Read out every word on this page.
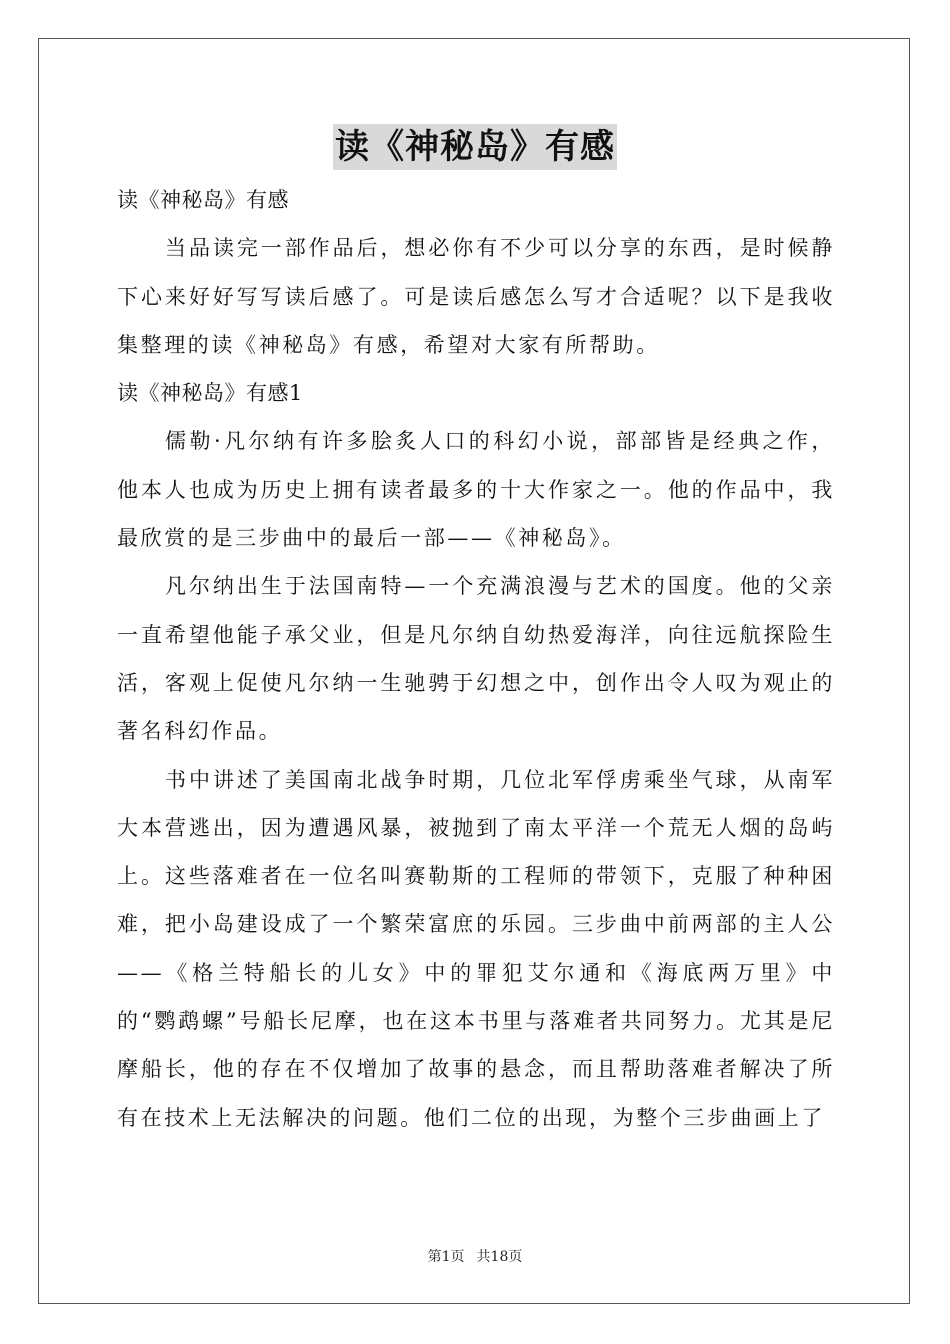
读《神秘岛》有感

读《神秘岛》有感

当品读完一部作品后，想必你有不少可以分享的东西，是时候静下心来好好写写读后感了。可是读后感怎么写才合适呢？以下是我收集整理的读《神秘岛》有感，希望对大家有所帮助。

读《神秘岛》有感1

儒勒·凡尔纳有许多脍炙人口的科幻小说，部部皆是经典之作，他本人也成为历史上拥有读者最多的十大作家之一。他的作品中，我最欣赏的是三步曲中的最后一部——《神秘岛》。

凡尔纳出生于法国南特—一个充满浪漫与艺术的国度。他的父亲一直希望他能子承父业，但是凡尔纳自幼热爱海洋，向往远航探险生活，客观上促使凡尔纳一生驰骋于幻想之中，创作出令人叹为观止的著名科幻作品。

书中讲述了美国南北战争时期，几位北军俘虏乘坐气球，从南军大本营逃出，因为遭遇风暴，被抛到了南太平洋一个荒无人烟的岛屿上。这些落难者在一位名叫赛勒斯的工程师的带领下，克服了种种困难，把小岛建设成了一个繁荣富庶的乐园。三步曲中前两部的主人公——《格兰特船长的儿女》中的罪犯艾尔通和《海底两万里》中的“鹦鹉螺”号船长尼摩，也在这本书里与落难者共同努力。尤其是尼摩船长，他的存在不仅增加了故事的悬念，而且帮助落难者解决了所有在技术上无法解决的问题。他们二位的出现，为整个三步曲画上了

第1页 共18页
